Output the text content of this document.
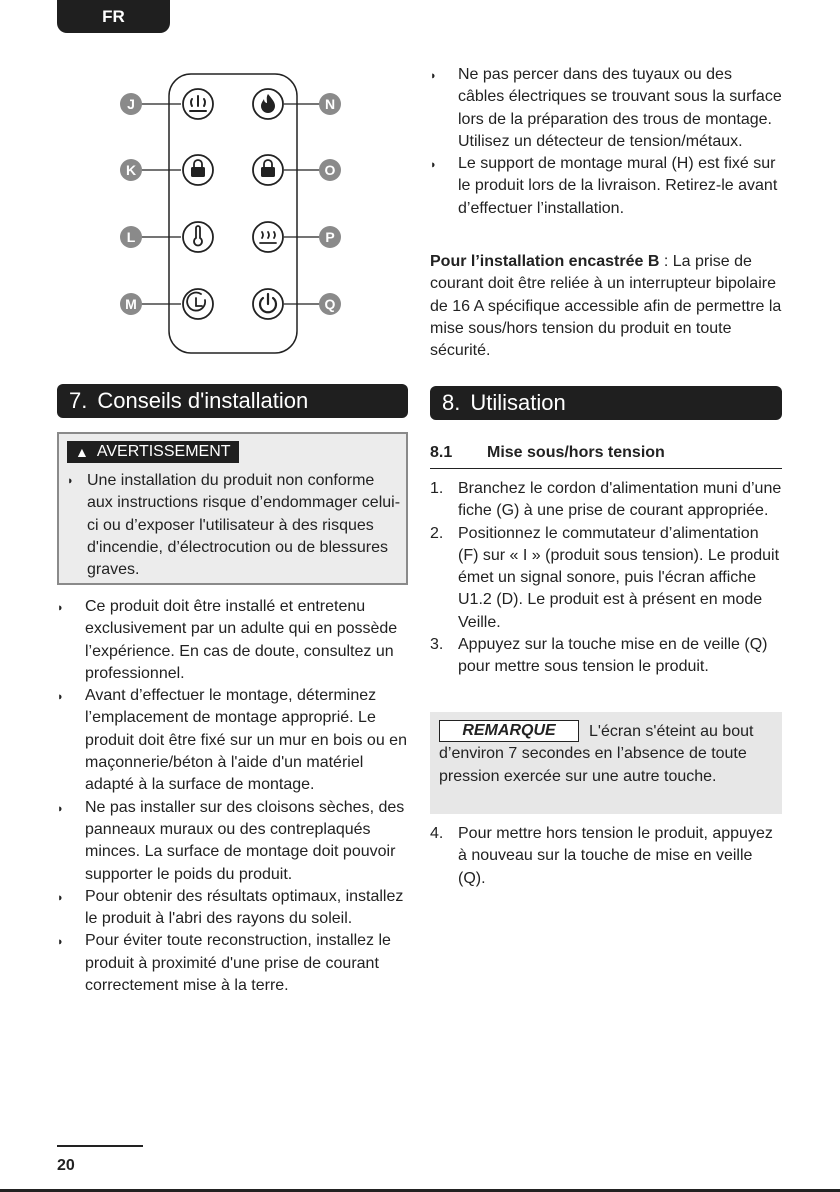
FR
J
K
L
M
N
O
P
Q
◗	Ne pas percer dans des tuyaux ou des câbles électriques se trouvant sous la surface lors de la préparation des trous de montage. Utilisez un détecteur de tension/métaux.
◗	Le support de montage mural (H) est fixé sur le produit lors de la livraison. Retirez-le avant d’effectuer l’installation.
Pour l’installation encastrée B : La prise de courant doit être reliée à un interrupteur bipolaire de 16 A spécifique accessible afin de permettre la mise sous/hors tension du produit en toute sécurité.
7. Conseils d'installation
▲ AVERTISSEMENT
◗ Une installation du produit non conforme aux instructions risque d’endommager celui-ci ou d’exposer l'utilisateur à des risques d'incendie, d’électrocution ou de blessures graves.
◗	Ce produit doit être installé et entretenu exclusivement par un adulte qui en possède l’expérience. En cas de doute, consultez un professionnel.
◗	Avant d’effectuer le montage, déterminez l’emplacement de montage approprié. Le produit doit être fixé sur un mur en bois ou en maçonnerie/béton à l'aide d'un matériel adapté à la surface de montage.
◗	Ne pas installer sur des cloisons sèches, des panneaux muraux ou des contreplaqués minces. La surface de montage doit pouvoir supporter le poids du produit.
◗	Pour obtenir des résultats optimaux, installez le produit à l'abri des rayons du soleil.
◗	Pour éviter toute reconstruction, installez le produit à proximité d'une prise de courant correctement mise à la terre.
8. Utilisation
8.1	Mise sous/hors tension
1. Branchez le cordon d'alimentation muni d’une fiche (G) à une prise de courant appropriée.
2. Positionnez le commutateur d’alimentation (F) sur « I » (produit sous tension). Le produit émet un signal sonore, puis l'écran affiche U1.2 (D). Le produit est à présent en mode Veille.
3. Appuyez sur la touche mise en de veille (Q) pour mettre sous tension le produit.
L'écran s'éteint au bout d’environ 7 secondes en l’absence de toute pression exercée sur une autre touche.
REMARQUE
4. Pour mettre hors tension le produit, appuyez à nouveau sur la touche de mise en veille (Q).
20
